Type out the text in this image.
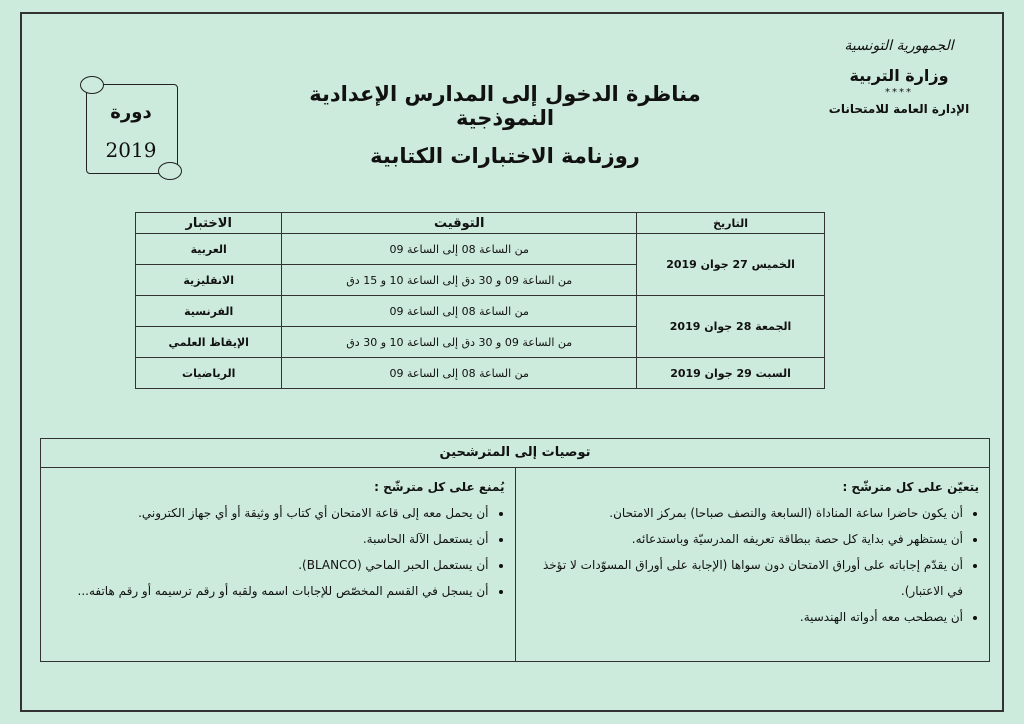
الجمهورية التونسية
وزارة التربية
****
الإدارة العامة للامتحانات
مناظرة الدخول إلى المدارس الإعدادية النموذجية
روزنامة الاختبارات الكتابية
دورة
2019
التاريخ	التوقيت	الاختبار
الخميس 27 جوان 2019	من الساعة 08 إلى الساعة 09	العربية
	من الساعة 09 و 30 دق إلى الساعة 10 و 15 دق	الانقليزية
الجمعة 28 جوان 2019	من الساعة 08 إلى الساعة 09	الفرنسية
	من الساعة 09 و 30 دق إلى الساعة 10 و 30 دق	الإيقاظ العلمي
السبت 29 جوان 2019	من الساعة 08 إلى الساعة 09	الرياضيات
توصيات إلى المترشحين
يتعيّن على كل مترشّح :
• أن يكون حاضرا ساعة المناداة (السابعة والنصف صباحا) بمركز الامتحان.
• أن يستظهر في بداية كل حصة ببطاقة تعريفه المدرسيّة وباستدعائه.
• أن يقدّم إجاباته على أوراق الامتحان دون سواها (الإجابة على أوراق المسوّدات لا تؤخذ في الاعتبار).
• أن يصطحب معه أدواته الهندسية.
يُمنع على كل مترشّح :
• أن يحمل معه إلى قاعة الامتحان أي كتاب أو وثيقة أو أي جهاز الكتروني.
• أن يستعمل الآلة الحاسبة.
• أن يستعمل الحبر الماحي (BLANCO).
• أن يسجل في القسم المخصّص للإجابات اسمه ولقبه أو رقم ترسيمه أو رقم هاتفه...
